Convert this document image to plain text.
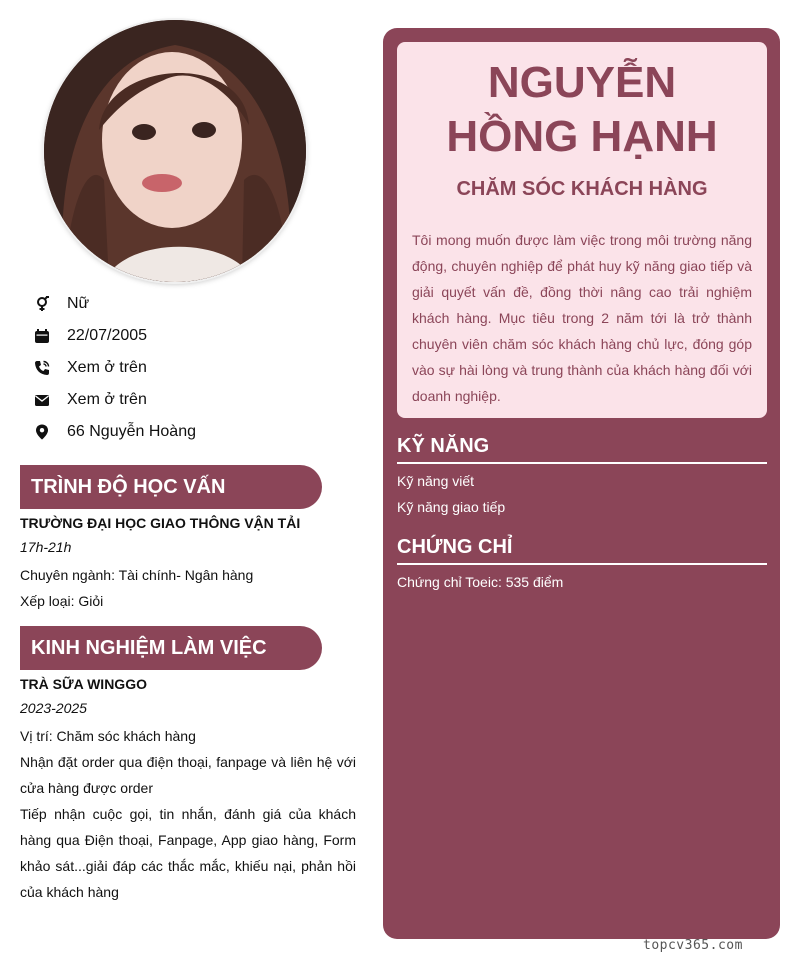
Nữ
22/07/2005
Xem ở trên
Xem ở trên
66 Nguyễn Hoàng
TRÌNH ĐỘ HỌC VẤN
TRƯỜNG ĐẠI HỌC GIAO THÔNG VẬN TẢI
17h-21h
Chuyên ngành: Tài chính- Ngân hàng
Xếp loại: Giỏi
KINH NGHIỆM LÀM VIỆC
TRÀ SỮA WINGGO
2023-2025
Vị trí: Chăm sóc khách hàng
Nhận đặt order qua điện thoại, fanpage và liên hệ với cửa hàng được order
Tiếp nhận cuộc gọi, tin nhắn, đánh giá của khách hàng qua Điện thoại, Fanpage, App giao hàng, Form khảo sát...giải đáp các thắc mắc, khiếu nại, phản hồi của khách hàng
NGUYỄN
HỒNG HẠNH
CHĂM SÓC KHÁCH HÀNG
Tôi mong muốn được làm việc trong môi trường năng động, chuyên nghiệp để phát huy kỹ năng giao tiếp và giải quyết vấn đề, đồng thời nâng cao trải nghiệm khách hàng. Mục tiêu trong 2 năm tới là trở thành chuyên viên chăm sóc khách hàng chủ lực, đóng góp vào sự hài lòng và trung thành của khách hàng đối với doanh nghiệp.
KỸ NĂNG
Kỹ năng viết
Kỹ năng giao tiếp
CHỨNG CHỈ
Chứng chỉ Toeic: 535 điểm
topcv365.com
